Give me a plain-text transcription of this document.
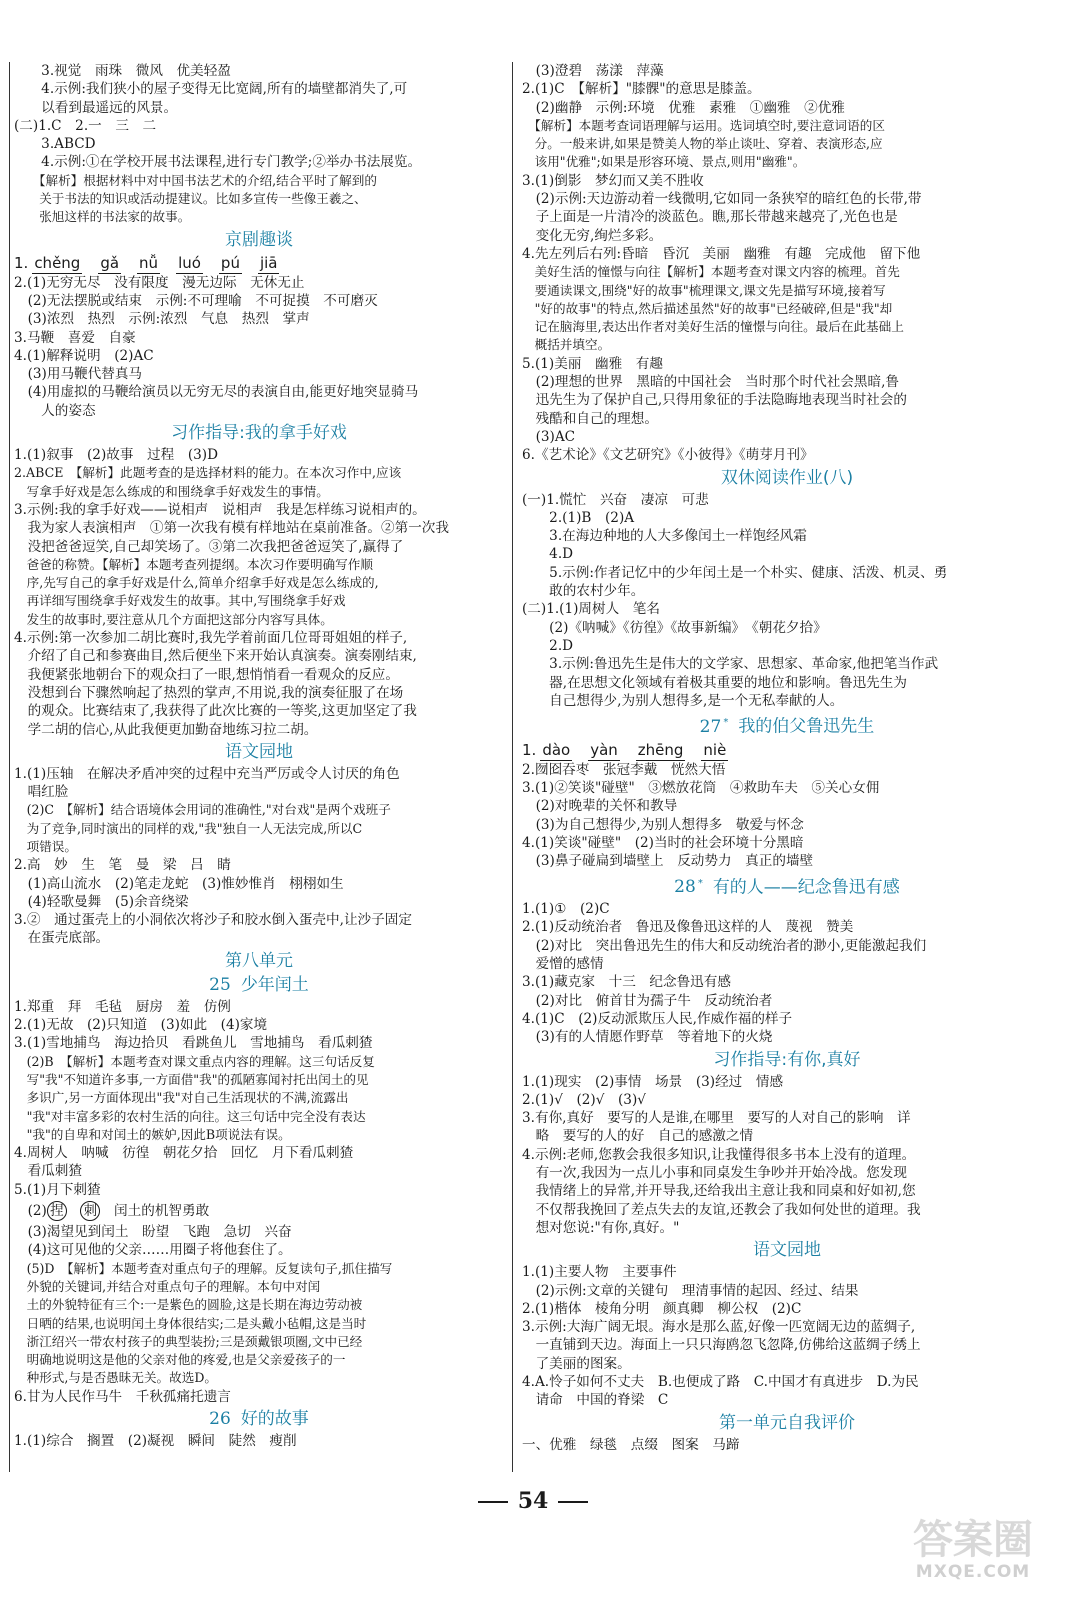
　　3.视觉　雨珠　微风　优美轻盈
　　4.示例:我们狭小的屋子变得无比宽阔,所有的墙壁都消失了,可
　　以看到最遥远的风景。
(二)1.C　2.一　三　二
　　3.ABCD
　　4.示例:①在学校开展书法课程,进行专门教学;②举办书法展览。
　　【解析】根据材料中对中国书法艺术的介绍,结合平时了解到的
　　关于书法的知识或活动提建议。比如多宣传一些像王羲之、
　　张旭这样的书法家的故事。
京剧趣谈
1. chěng gǎ nǚ luó pú jiā
2.(1)无穷无尽　没有限度　漫无边际　无休无止
　(2)无法摆脱或结束　示例:不可理喻　不可捉摸　不可磨灭
　(3)浓烈　热烈　示例:浓烈　气息　热烈　掌声
3.马鞭　喜爱　自豪
4.(1)解释说明　(2)AC
　(3)用马鞭代替真马
　(4)用虚拟的马鞭给演员以无穷无尽的表演自由,能更好地突显骑马
　　人的姿态
习作指导:我的拿手好戏
1.(1)叙事　(2)故事　过程　(3)D
2.ABCE　【解析】此题考查的是选择材料的能力。在本次习作中,应该
　写拿手好戏是怎么练成的和围绕拿手好戏发生的事情。
3.示例:我的拿手好戏——说相声　说相声　我是怎样练习说相声的。
　我为家人表演相声　①第一次我有模有样地站在桌前准备。②第一次我
　没把爸爸逗笑,自己却笑场了。③第二次我把爸爸逗笑了,赢得了
　爸爸的称赞。【解析】本题考查列提纲。本次习作要明确写作顺
　序,先写自己的拿手好戏是什么,简单介绍拿手好戏是怎么练成的,
　再详细写围绕拿手好戏发生的故事。其中,写围绕拿手好戏
　发生的故事时,要注意从几个方面把这部分内容写具体。
4.示例:第一次参加二胡比赛时,我先学着前面几位哥哥姐姐的样子,
　介绍了自己和参赛曲目,然后便坐下来开始认真演奏。演奏刚结束,
　我便紧张地朝台下的观众扫了一眼,想悄悄看一看观众的反应。
　没想到台下骤然响起了热烈的掌声,不用说,我的演奏征服了在场
　的观众。比赛结束了,我获得了此次比赛的一等奖,这更加坚定了我
　学二胡的信心,从此我便更加勤奋地练习拉二胡。
语文园地
1.(1)压轴　在解决矛盾冲突的过程中充当严厉或令人讨厌的角色
　唱红脸
　(2)C　【解析】结合语境体会用词的准确性,"对台戏"是两个戏班子
　为了竞争,同时演出的同样的戏,"我"独自一人无法完成,所以C
　项错误。
2.高　妙　生　笔　曼　梁　吕　睛
　(1)高山流水　(2)笔走龙蛇　(3)惟妙惟肖　栩栩如生
　(4)轻歌曼舞　(5)余音绕梁
3.②　通过蛋壳上的小洞依次将沙子和胶水倒入蛋壳中,让沙子固定
　在蛋壳底部。
第八单元
25 少年闰土
1.郑重　拜　毛毡　厨房　羞　仿例
2.(1)无故　(2)只知道　(3)如此　(4)家境
3.(1)雪地捕鸟　海边拾贝　看跳鱼儿　雪地捕鸟　看瓜刺猹
　(2)B　【解析】本题考查对课文重点内容的理解。这三句话反复
　写"我"不知道许多事,一方面借"我"的孤陋寡闻衬托出闰土的见
　多识广,另一方面体现出"我"对自己生活现状的不满,流露出
　"我"对丰富多彩的农村生活的向往。这三句话中完全没有表达
　"我"的自卑和对闰土的嫉妒,因此B项说法有误。
4.周树人　呐喊　彷徨　朝花夕拾　回忆　月下看瓜刺猹
　看瓜刺猹
5.(1)月下刺猹
　(2) 捏　 刺　闰土的机智勇敢
　(3)渴望见到闰土　盼望　飞跑　急切　兴奋
　(4)这可见他的父亲……用圈子将他套住了。
　(5)D　【解析】本题考查对重点句子的理解。反复读句子,抓住描写
　外貌的关键词,并结合对重点句子的理解。本句中对闰
　土的外貌特征有三个:一是紫色的圆脸,这是长期在海边劳动被
　日晒的结果,也说明闰土身体很结实;二是头戴小毡帽,这是当时
　浙江绍兴一带农村孩子的典型装扮;三是颈戴银项圈,文中已经
　明确地说明这是他的父亲对他的疼爱,也是父亲爱孩子的一
　种形式,与是否愚昧无关。故选D。
6.甘为人民作马牛　千秋孤痛托遗言
26 好的故事
1.(1)综合　搁置　(2)凝视　瞬间　陡然　瘦削
　(3)澄碧　荡漾　萍藻
2.(1)C　【解析】"膝髁"的意思是膝盖。
　(2)幽静　示例:环境　优雅　素雅　①幽雅　②优雅
　【解析】本题考查词语理解与运用。选词填空时,要注意词语的区
　分。一般来讲,如果是赞美人物的举止谈吐、穿着、表演形态,应
　该用"优雅";如果是形容环境、景点,则用"幽雅"。
3.(1)倒影　梦幻而又美不胜收
　(2)示例:天边游动着一线微明,它如同一条狭窄的暗红色的长带,带
　子上面是一片清冷的淡蓝色。瞧,那长带越来越亮了,光色也是
　变化无穷,绚烂多彩。
4.先左列后右列:昏暗　昏沉　美丽　幽雅　有趣　完成他　留下他
　美好生活的憧憬与向往【解析】本题考查对课文内容的梳理。首先
　要通读课文,围绕"好的故事"梳理课文,课文先是描写环境,接着写
　"好的故事"的特点,然后描述虽然"好的故事"已经破碎,但是"我"却
　记在脑海里,表达出作者对美好生活的憧憬与向往。最后在此基础上
　概括并填空。
5.(1)美丽　幽雅　有趣
　(2)理想的世界　黑暗的中国社会　当时那个时代社会黑暗,鲁
　迅先生为了保护自己,只得用象征的手法隐晦地表现当时社会的
　残酷和自己的理想。
　(3)AC
6.《艺术论》《文艺研究》《小彼得》《萌芽月刊》
双休阅读作业(八)
(一)1.慌忙　兴奋　凄凉　可悲
　　2.(1)B　(2)A
　　3.在海边种地的人大多像闰土一样饱经风霜
　　4.D
　　5.示例:作者记忆中的少年闰土是一个朴实、健康、活泼、机灵、勇
　　敢的农村少年。
(二)1.(1)周树人　笔名
　　(2)《呐喊》《彷徨》《故事新编》　《朝花夕拾》
　　2.D
　　3.示例:鲁迅先生是伟大的文学家、思想家、革命家,他把笔当作武
　　器,在思想文化领域有着极其重要的地位和影响。鲁迅先生为
　　自己想得少,为别人想得多,是一个无私奉献的人。
27 * 我的伯父鲁迅先生
1. dào yàn zhēng niè
2.囫囵吞枣　张冠李戴　恍然大悟
3.(1)②笑谈"碰壁"　③燃放花筒　④救助车夫　⑤关心女佣
　(2)对晚辈的关怀和教导
　(3)为自己想得少,为别人想得多　敬爱与怀念
4.(1)笑谈"碰壁"　(2)当时的社会环境十分黑暗
　(3)鼻子碰扁到墙壁上　反动势力　真正的墙壁
28 * 有的人——纪念鲁迅有感
1.(1)①　(2)C
2.(1)反动统治者　鲁迅及像鲁迅这样的人　蔑视　赞美
　(2)对比　突出鲁迅先生的伟大和反动统治者的渺小,更能激起我们
　爱憎的感情
3.(1)藏克家　十三　纪念鲁迅有感
　(2)对比　俯首甘为孺子牛　反动统治者
4.(1)C　(2)反动派欺压人民,作威作福的样子
　(3)有的人情愿作野草　等着地下的火烧
习作指导:有你,真好
1.(1)现实　(2)事情　场景　(3)经过　情感
2.(1)√　(2)√　(3)√
3.有你,真好　要写的人是谁,在哪里　要写的人对自己的影响　详
　略　要写的人的好　自己的感激之情
4.示例:老师,您教会我很多知识,让我懂得很多书本上没有的道理。
　有一次,我因为一点儿小事和同桌发生争吵并开始冷战。您发现
　我情绪上的异常,并开导我,还给我出主意让我和同桌和好如初,您
　不仅帮我挽回了差点失去的友谊,还教会了我如何处世的道理。我
　想对您说:"有你,真好。"
语文园地
1.(1)主要人物　主要事件
　(2)示例:文章的关键句　理清事情的起因、经过、结果
2.(1)楷体　棱角分明　颜真卿　柳公权　(2)C
3.示例:大海广阔无垠。海水是那么蓝,好像一匹宽阔无边的蓝绸子,
　一直铺到天边。海面上一只只海鸥忽飞忽降,仿佛给这蓝绸子绣上
　了美丽的图案。
4.A.怜子如何不丈夫　B.也便成了路　C.中国才有真进步　D.为民
　请命　中国的脊梁　C
第一单元自我评价
一、优雅　绿毯　点缀　图案　马蹄
54
答案圈
MXQE.COM
